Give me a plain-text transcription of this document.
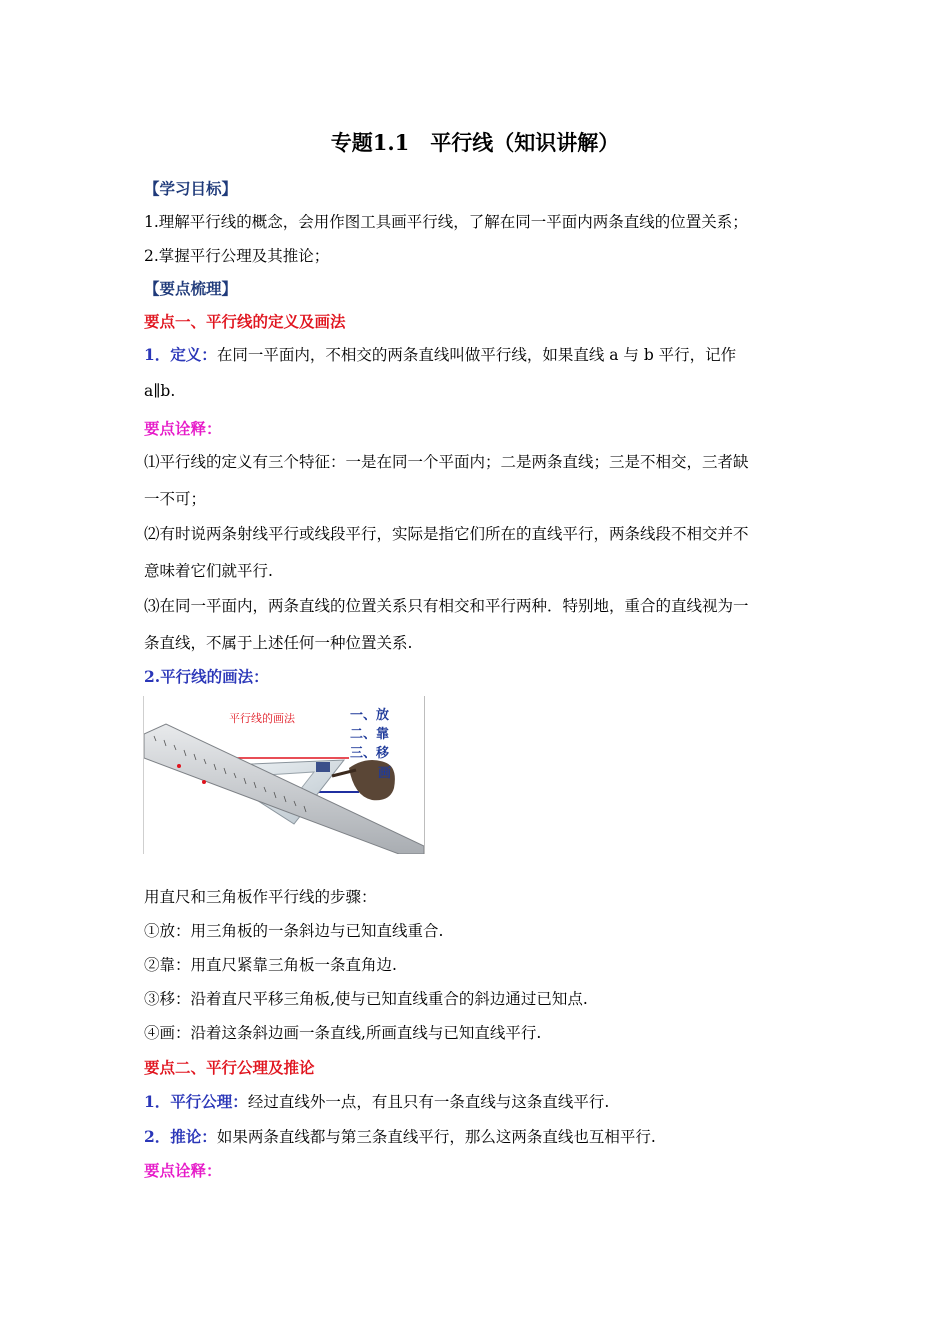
专题1.1　平行线（知识讲解）
【学习目标】
1.理解平行线的概念，会用作图工具画平行线，了解在同一平面内两条直线的位置关系；
2.掌握平行公理及其推论；
【要点梳理】
要点一、平行线的定义及画法
1．定义：在同一平面内，不相交的两条直线叫做平行线，如果直线 a 与 b 平行，记作
a∥b.
要点诠释：
⑴平行线的定义有三个特征：一是在同一个平面内；二是两条直线；三是不相交，三者缺
一不可；
⑵有时说两条射线平行或线段平行，实际是指它们所在的直线平行，两条线段不相交并不
意味着它们就平行.
⑶在同一平面内，两条直线的位置关系只有相交和平行两种．特别地，重合的直线视为一
条直线，不属于上述任何一种位置关系.
2.平行线的画法：
平行线的画法	一、放
二、靠
三、移
画
用直尺和三角板作平行线的步骤：
①放：用三角板的一条斜边与已知直线重合.
②靠：用直尺紧靠三角板一条直角边.
③移：沿着直尺平移三角板,使与已知直线重合的斜边通过已知点.
④画：沿着这条斜边画一条直线,所画直线与已知直线平行.
要点二、平行公理及推论
1．平行公理：经过直线外一点，有且只有一条直线与这条直线平行.
2．推论：如果两条直线都与第三条直线平行，那么这两条直线也互相平行.
要点诠释：
